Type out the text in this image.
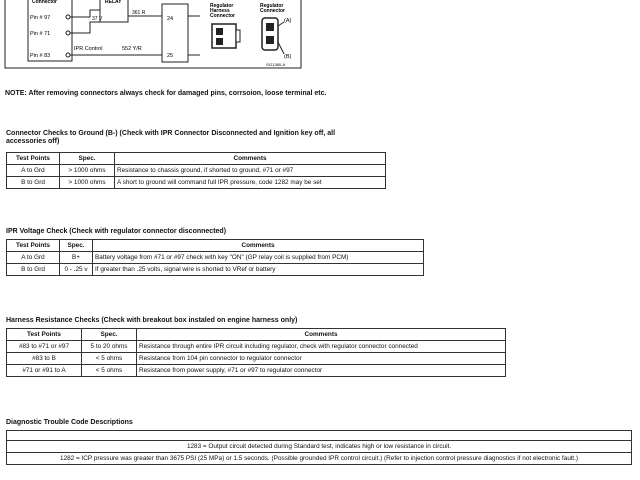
Connector
Pin # 97
Pin # 71
Pin # 83
RELAY
37 V
361 R
IPR Control	552 Y/R
24
25
Regulator
Harness
Connector
Regulator
Connector
(A)
(B)
GG1380-A
NOTE: After removing connectors always check for damaged pins, corrsoion, loose terminal etc.
Connector Checks to Ground (B-) (Check with IPR Connector Disconnected and Ignition key off, all
accessories off)
Test Points	Spec.	Comments
A to Grd	> 1000 ohms	Resistance to chassis ground, if shorted to ground, #71 or #97
B to Grd	> 1000 ohms	A short to ground will command full IPR pressure, code 1282 may be set
IPR Voltage Check (Check with regulator connector disconnected)
Test Points	Spec.	Comments
A to Grd	B+	Battery voltage from #71 or #97 check with key "ON" (GP relay coil is supplied from PCM)
B to Grd	0 - .25 v	If greater than .25 volts, signal wire is shorted to VRef or battery
Harness Resistance Checks (Check with breakout box instaled on engine harness only)
Test Points	Spec.	Comments
#83 to #71 or #97	5 to 20 ohms	Resistance through entire IPR circuit including regulator, check with regulator connector connected
#83 to B	< 5 ohms	Resistance from 104 pin connector to regulator connector
#71 or #91 to A	< 5 ohms	Resistance from power supply, #71 or #97 to regulator connector
Diagnostic Trouble Code Descriptions

1283 = Output circuit detected during Standard test, indicates high or low resistance in circuit.
1282 = ICP pressure was greater than 3675 PSI (25 MPa) or 1.5 seconds. (Possible grounded IPR control circuit.) (Refer to injection control pressure diagnostics if not electronic fault.)
